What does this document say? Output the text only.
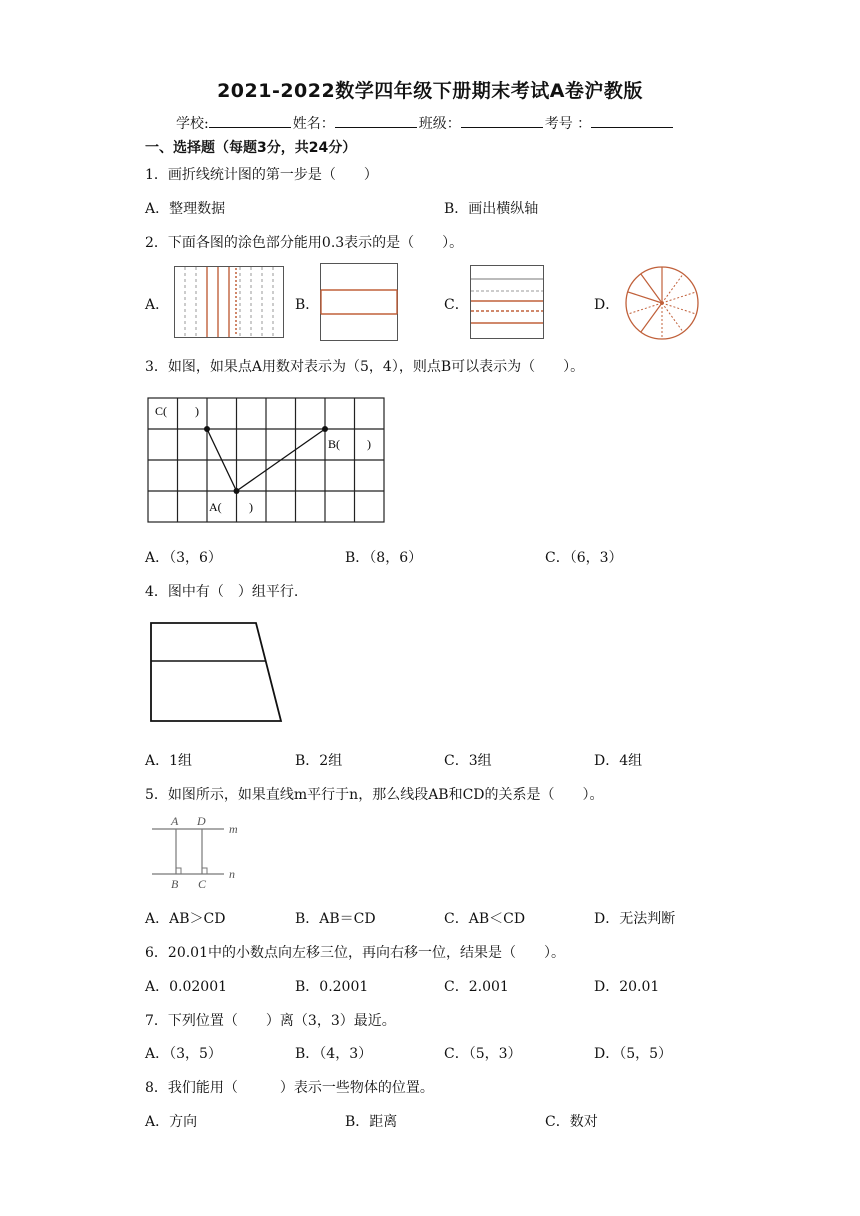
2021-2022数学四年级下册期末考试A卷沪教版
学校:	姓名：	班级：	考号 ：
一、选择题（每题3分，共24分）
1．画折线统计图的第一步是（　　）
A．整理数据	B．画出横纵轴
2．下面各图的涂色部分能用0.3表示的是（　　）。
A．	B．	C．	D．
3．如图，如果点A用数对表示为（5，4），则点B可以表示为（　　）。
C( )
B( )
A( )
A．（3，6）	B．（8，6）	C．（6，3）
4．图中有（　）组平行.
A．1组	B．2组	C．3组	D．4组
5．如图所示，如果直线m平行于n，那么线段AB和CD的关系是（　　）。
A D
m
B C
n
A．AB＞CD	B．AB＝CD	C．AB＜CD	D．无法判断
6．20.01中的小数点向左移三位，再向右移一位，结果是（　　）。
A．0.02001	B．0.2001	C．2.001	D．20.01
7．下列位置（　　）离（3，3）最近。
A．（3，5）	B．（4，3）	C．（5，3）	D．（5，5）
8．我们能用（　　　）表示一些物体的位置。
A．方向	B．距离	C．数对
